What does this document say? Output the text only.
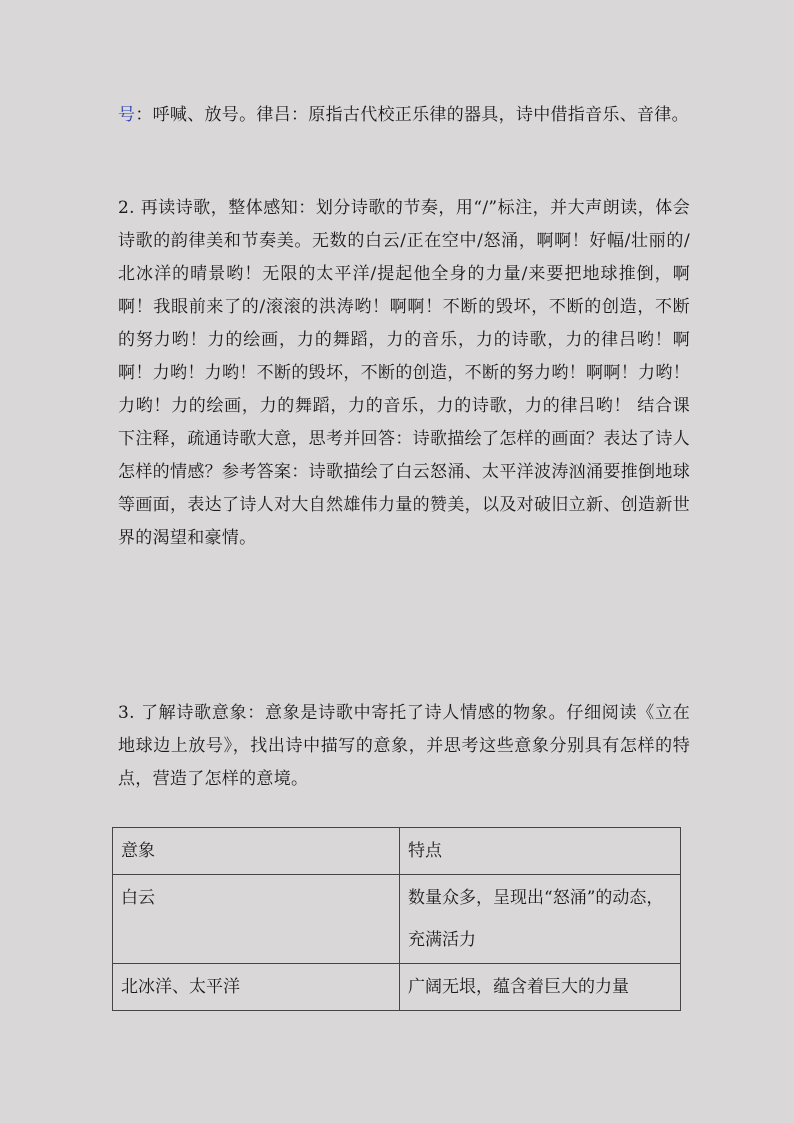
号：呼喊、放号。律吕：原指古代校正乐律的器具，诗中借指音乐、音律。

2. 再读诗歌，整体感知：划分诗歌的节奏，用“/”标注，并大声朗读，体会诗歌的韵律美和节奏美。无数的白云/正在空中/怒涌，啊啊！好幅/壮丽的/北冰洋的晴景哟！无限的太平洋/提起他全身的力量/来要把地球推倒，啊啊！我眼前来了的/滚滚的洪涛哟！啊啊！不断的毁坏，不断的创造，不断的努力哟！力的绘画，力的舞蹈，力的音乐，力的诗歌，力的律吕哟！啊啊！力哟！力哟！不断的毁坏，不断的创造，不断的努力哟！啊啊！力哟！力哟！力的绘画，力的舞蹈，力的音乐，力的诗歌，力的律吕哟！ 结合课下注释，疏通诗歌大意，思考并回答：诗歌描绘了怎样的画面？表达了诗人怎样的情感？参考答案：诗歌描绘了白云怒涌、太平洋波涛汹涌要推倒地球等画面，表达了诗人对大自然雄伟力量的赞美，以及对破旧立新、创造新世界的渴望和豪情。

3. 了解诗歌意象：意象是诗歌中寄托了诗人情感的物象。仔细阅读《立在地球边上放号》，找出诗中描写的意象，并思考这些意象分别具有怎样的特点，营造了怎样的意境。

意象	特点
白云	数量众多，呈现出“怒涌”的动态，充满活力
北冰洋、太平洋	广阔无垠，蕴含着巨大的力量
